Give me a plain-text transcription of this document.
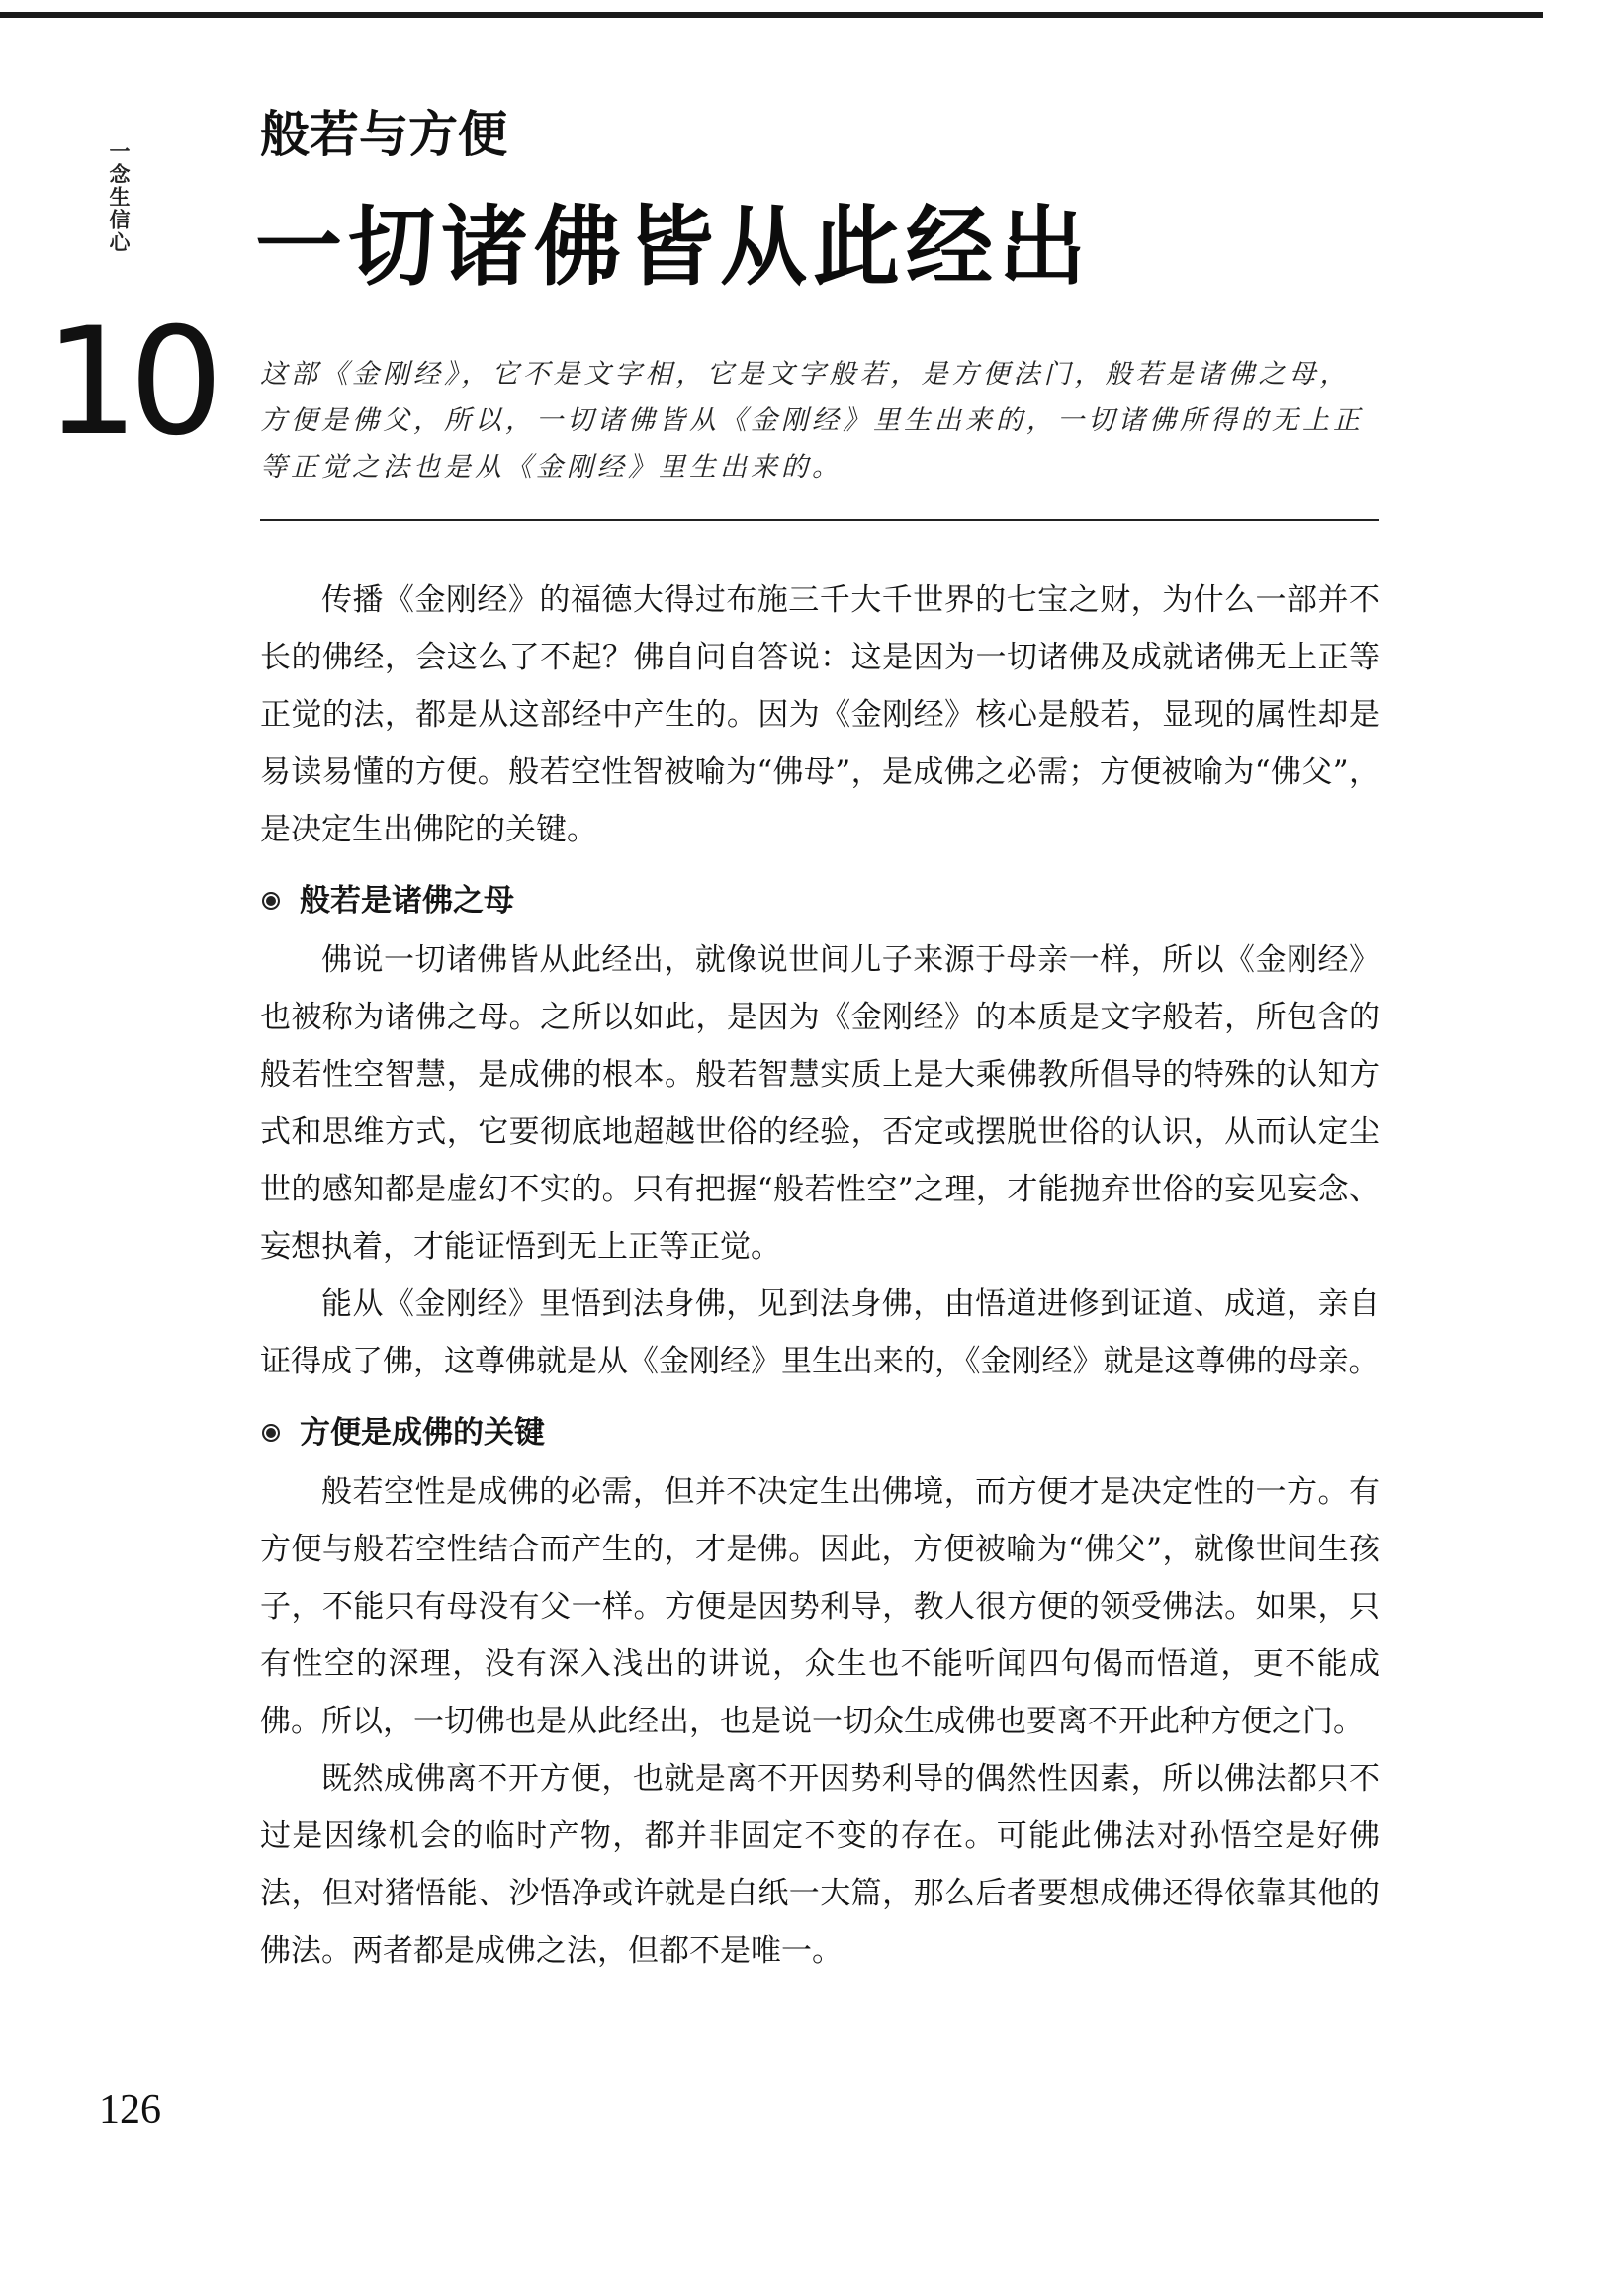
一念生信心
10
126
般若与方便
一切诸佛皆从此经出
这部《金刚经》，它不是文字相，它是文字般若，是方便法门，般若是诸佛之母，方便是佛父，所以，一切诸佛皆从《金刚经》里生出来的，一切诸佛所得的无上正等正觉之法也是从《金刚经》里生出来的。

传播《金刚经》的福德大得过布施三千大千世界的七宝之财，为什么一部并不长的佛经，会这么了不起？佛自问自答说：这是因为一切诸佛及成就诸佛无上正等正觉的法，都是从这部经中产生的。因为《金刚经》核心是般若，显现的属性却是易读易懂的方便。般若空性智被喻为“佛母”，是成佛之必需；方便被喻为“佛父”，是决定生出佛陀的关键。

般若是诸佛之母

佛说一切诸佛皆从此经出，就像说世间儿子来源于母亲一样，所以《金刚经》也被称为诸佛之母。之所以如此，是因为《金刚经》的本质是文字般若，所包含的般若性空智慧，是成佛的根本。般若智慧实质上是大乘佛教所倡导的特殊的认知方式和思维方式，它要彻底地超越世俗的经验，否定或摆脱世俗的认识，从而认定尘世的感知都是虚幻不实的。只有把握“般若性空”之理，才能抛弃世俗的妄见妄念、妄想执着，才能证悟到无上正等正觉。

能从《金刚经》里悟到法身佛，见到法身佛，由悟道进修到证道、成道，亲自证得成了佛，这尊佛就是从《金刚经》里生出来的，《金刚经》就是这尊佛的母亲。

方便是成佛的关键

般若空性是成佛的必需，但并不决定生出佛境，而方便才是决定性的一方。有方便与般若空性结合而产生的，才是佛。因此，方便被喻为“佛父”，就像世间生孩子，不能只有母没有父一样。方便是因势利导，教人很方便的领受佛法。如果，只有性空的深理，没有深入浅出的讲说，众生也不能听闻四句偈而悟道，更不能成佛。所以，一切佛也是从此经出，也是说一切众生成佛也要离不开此种方便之门。

既然成佛离不开方便，也就是离不开因势利导的偶然性因素，所以佛法都只不过是因缘机会的临时产物，都并非固定不变的存在。可能此佛法对孙悟空是好佛法，但对猪悟能、沙悟净或许就是白纸一大篇，那么后者要想成佛还得依靠其他的佛法。两者都是成佛之法，但都不是唯一。
